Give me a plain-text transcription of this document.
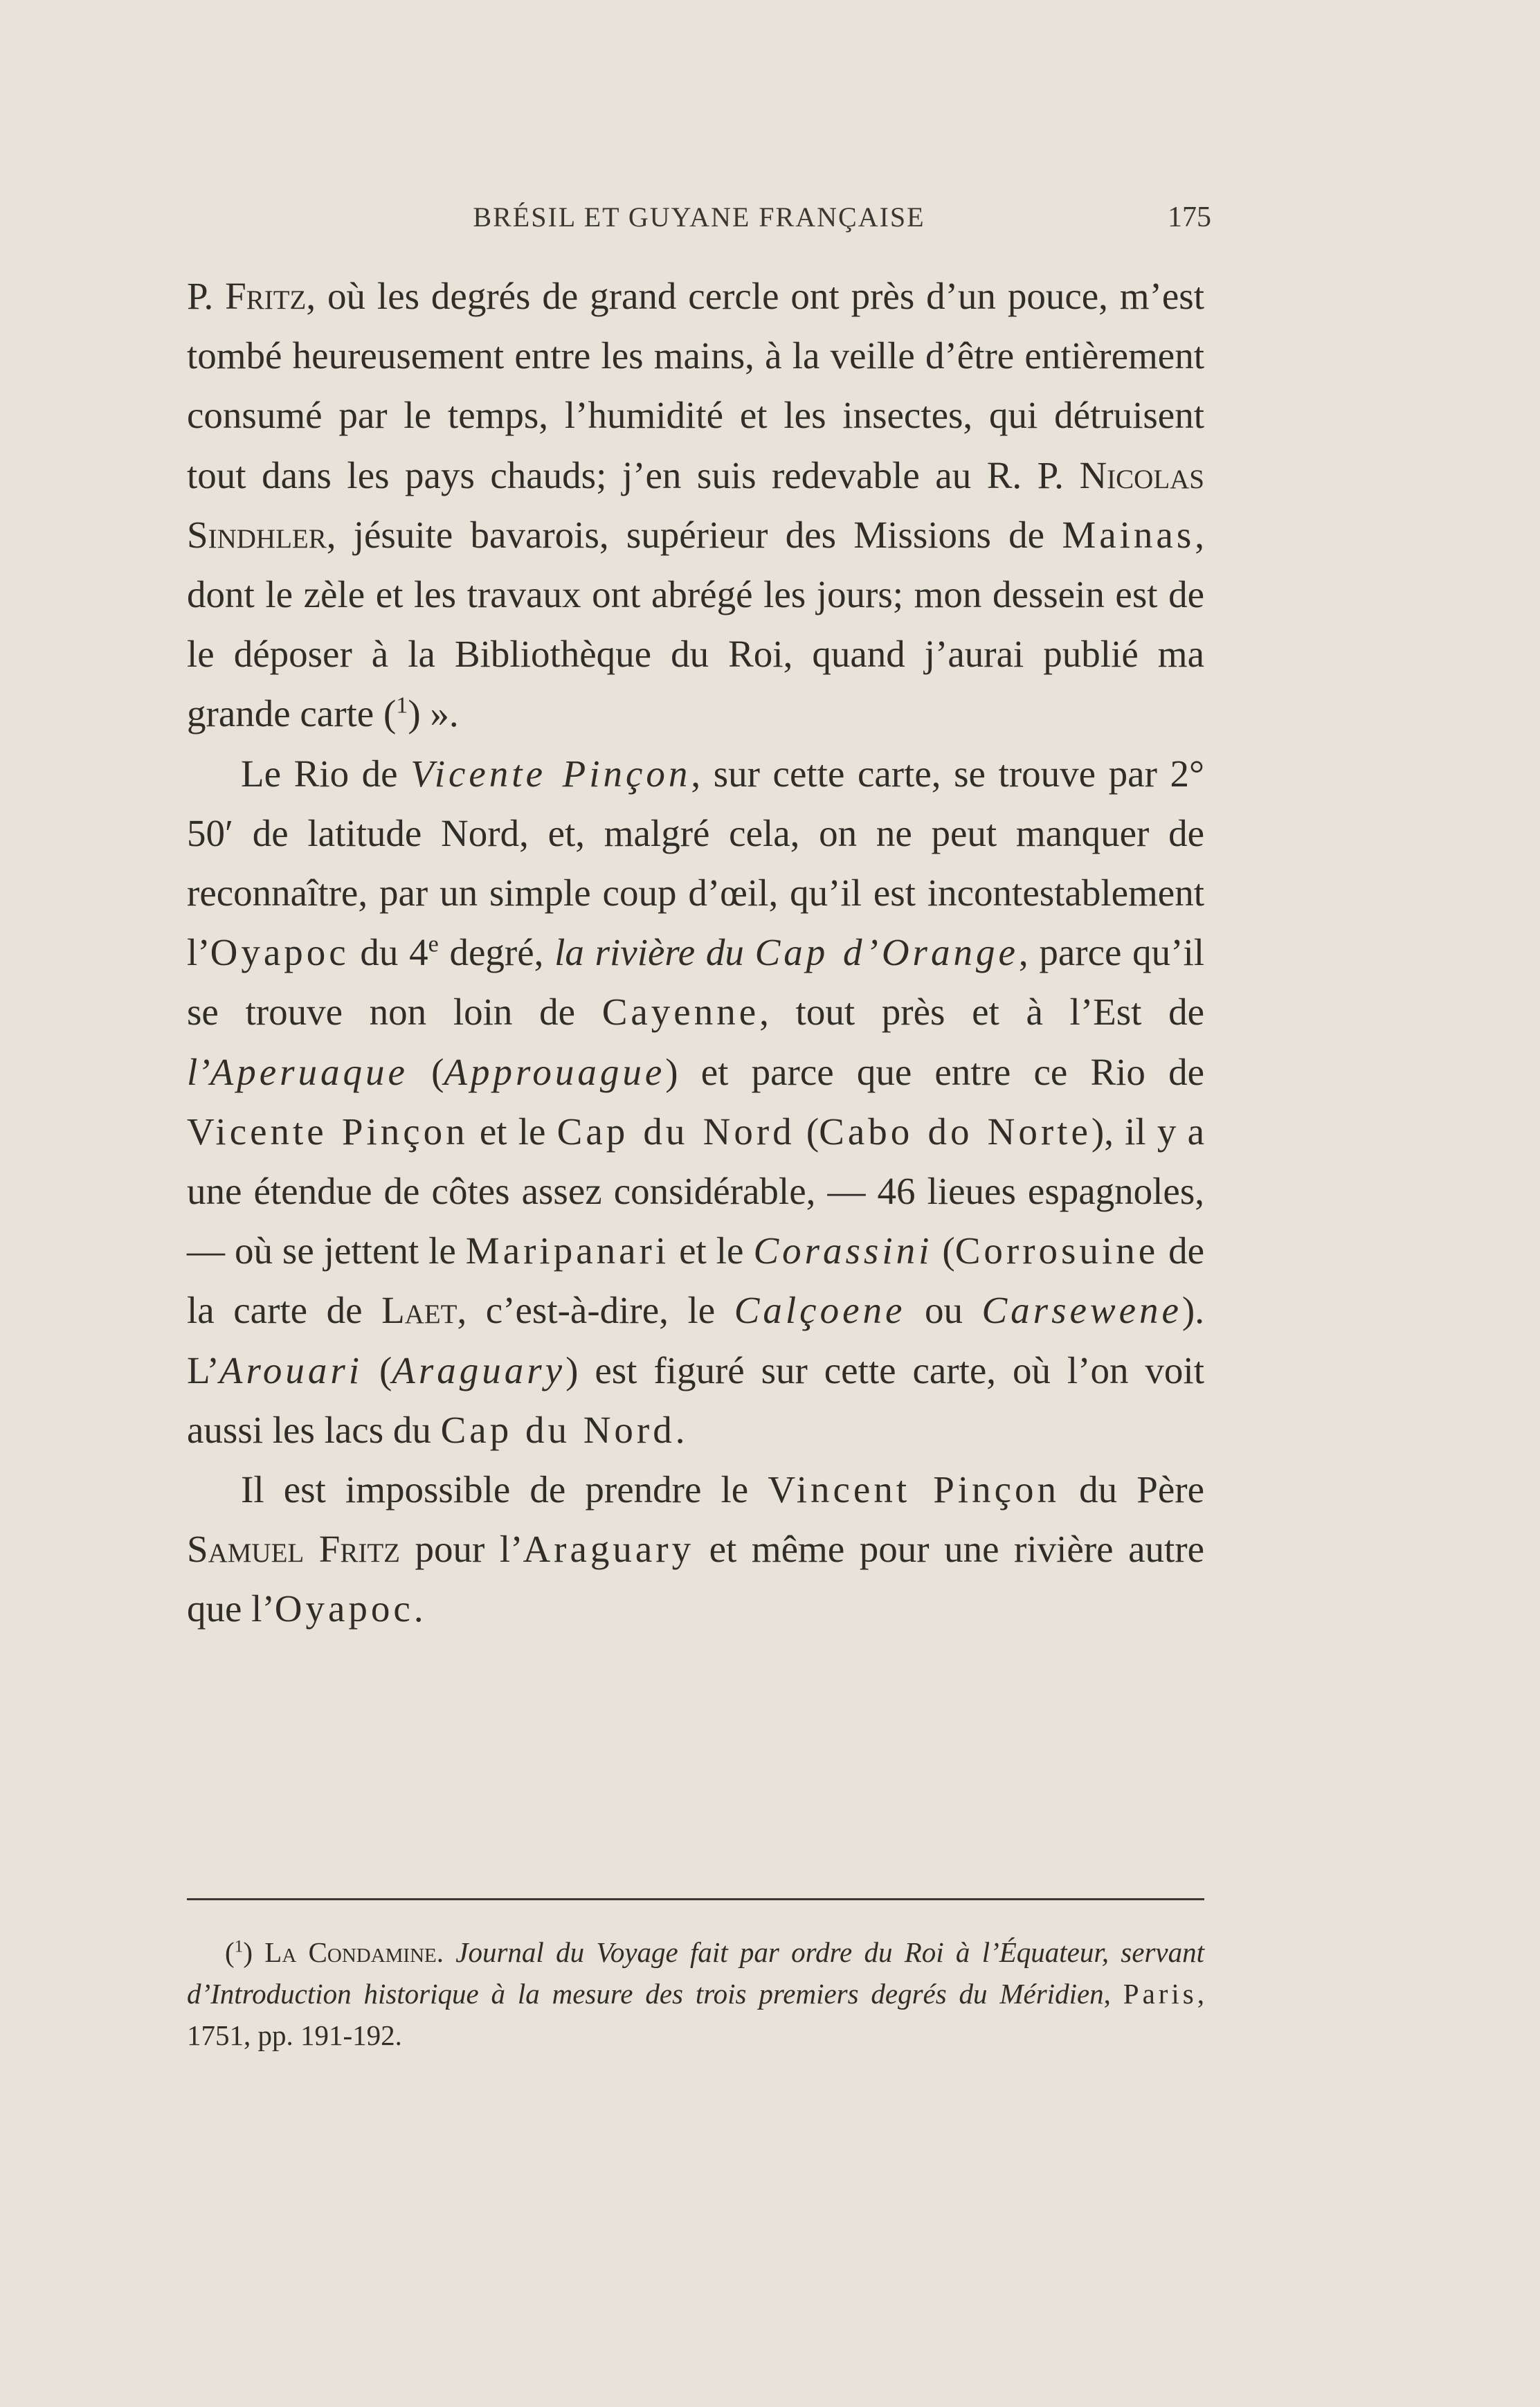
BRÉSIL ET GUYANE FRANÇAISE	175

P. Fritz, où les degrés de grand cercle ont près d’un pouce, m’est tombé heureusement entre les mains, à la veille d’être entièrement consumé par le temps, l’humidité et les insectes, qui détruisent tout dans les pays chauds; j’en suis redevable au R. P. Nicolas Sindhler, jésuite bavarois, supérieur des Missions de Mainas, dont le zèle et les travaux ont abrégé les jours; mon dessein est de le déposer à la Bibliothèque du Roi, quand j’aurai publié ma grande carte ($^1$) ».

Le Rio de Vicente Pinçon, sur cette carte, se trouve par 2° 50′ de latitude Nord, et, malgré cela, on ne peut manquer de reconnaître, par un simple coup d’œil, qu’il est incontestablement l’Oyapoc du 4e degré, la rivière du Cap d’Orange, parce qu’il se trouve non loin de Cayenne, tout près et à l’Est de l’Aperuaque (Approuague) et parce que entre ce Rio de Vicente Pinçon et le Cap du Nord (Cabo do Norte), il y a une étendue de côtes assez considérable, — 46 lieues espagnoles, — où se jettent le Maripanari et le Corassini (Corrosuine de la carte de Laet, c’est-à-dire, le Calçoene ou Carsewene). L’Arouari (Araguary) est figuré sur cette carte, où l’on voit aussi les lacs du Cap du Nord.

Il est impossible de prendre le Vincent Pinçon du Père Samuel Fritz pour l’Araguary et même pour une rivière autre que l’Oyapoc.

($^1$) La Condamine. Journal du Voyage fait par ordre du Roi à l’Équateur, servant d’Introduction historique à la mesure des trois premiers degrés du Méridien, Paris, 1751, pp. 191-192.
